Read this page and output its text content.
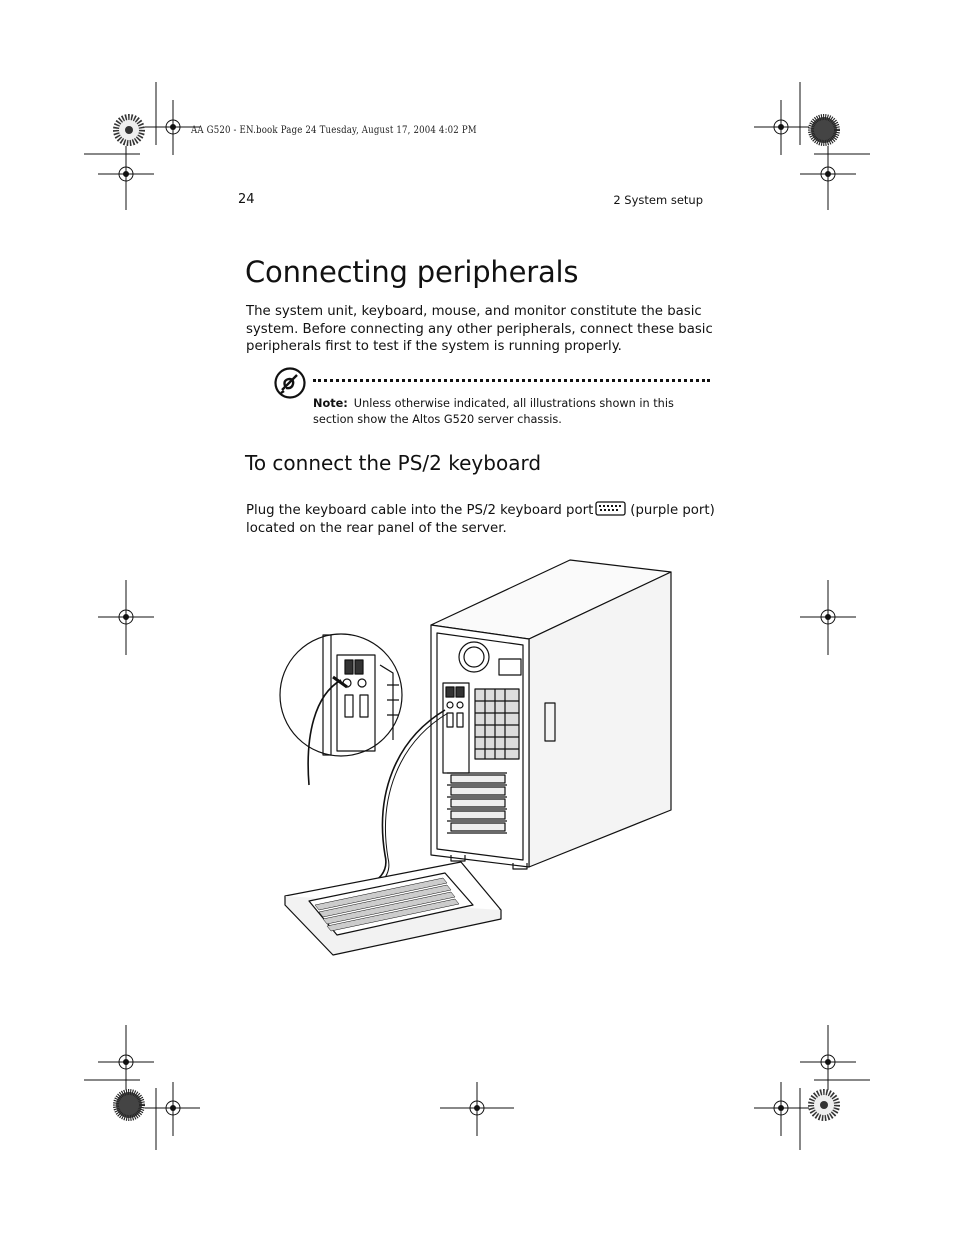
AA G520 - EN.book Page 24 Tuesday, August 17, 2004 4:02 PM
24	2 System setup
Connecting peripherals

The system unit, keyboard, mouse, and monitor constitute the basic system. Before connecting any other peripherals, connect these basic peripherals first to test if the system is running properly.

Note: Unless otherwise indicated, all illustrations shown in this section show the Altos G520 server chassis.

To connect the PS/2 keyboard

Plug the keyboard cable into the PS/2 keyboard port	(purple port) located on the rear panel of the server.
